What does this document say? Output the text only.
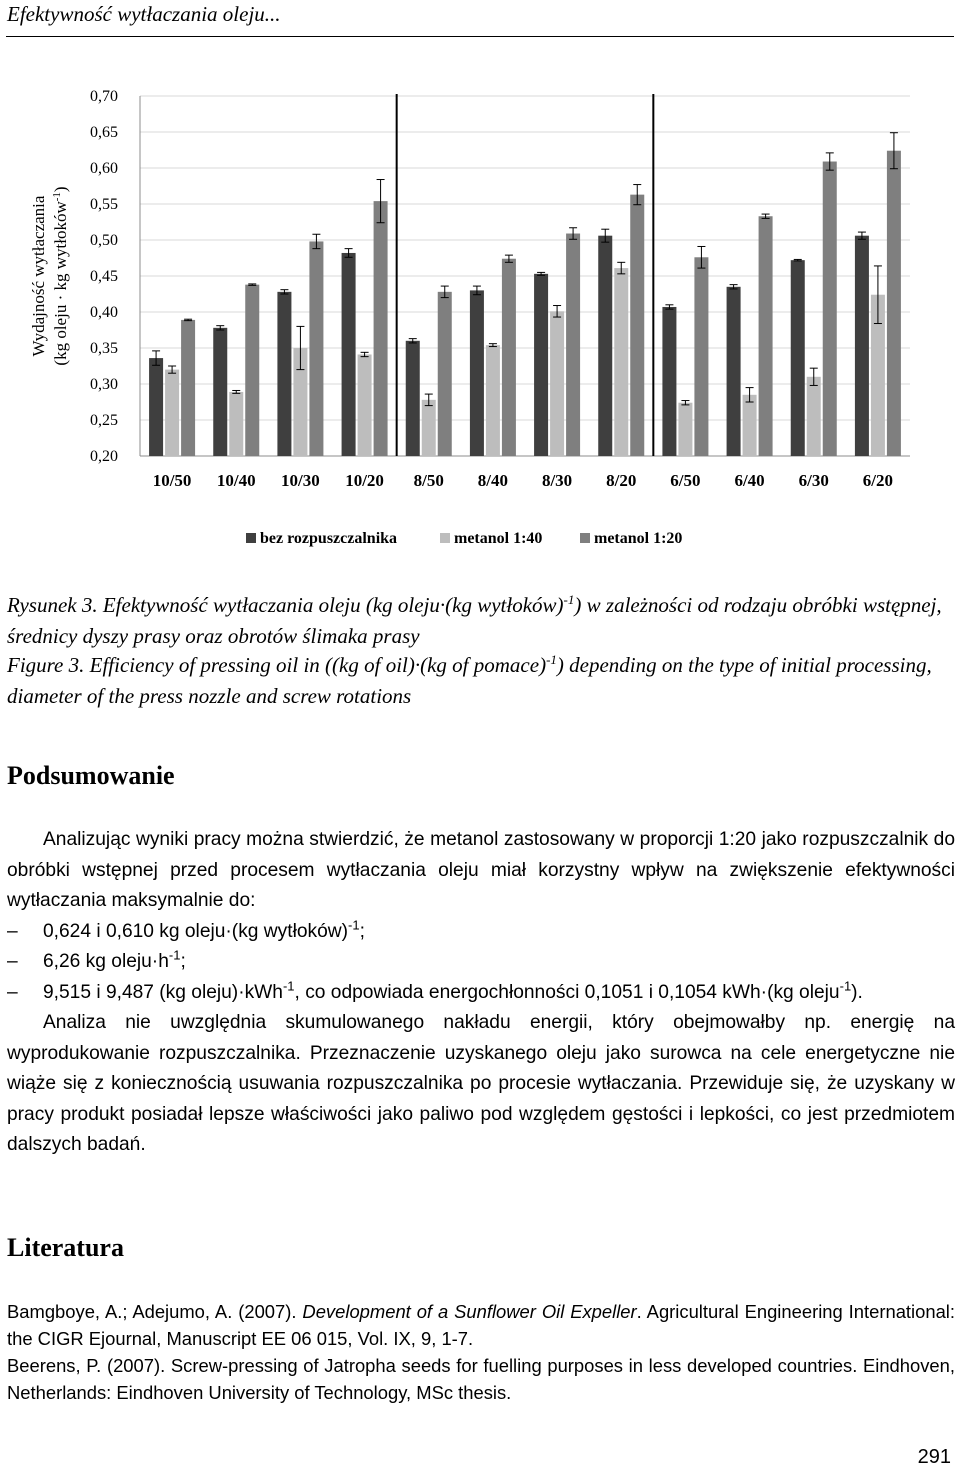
Efektywność wytłaczania oleju...
0,20
0,25
0,30
0,35
0,40
0,45
0,50
0,55
0,60
0,65
0,70
Wydajność wytłaczania (kg oleju · kg wytłoków$^{-1}$)
10/50 10/40 10/30 10/20 8/50 8/40 8/30 8/20 6/50 6/40 6/30 6/20
bez rozpuszczalnika	metanol 1:40	metanol 1:20
Rysunek 3. Efektywność wytłaczania oleju (kg oleju·(kg wytłoków)$^{-1}$) w zależności od rodzaju obróbki wstępnej, średnicy dyszy prasy oraz obrotów ślimaka prasy
Figure 3. Efficiency of pressing oil in ((kg of oil)·(kg of pomace)$^{-1}$) depending on the type of initial processing, diameter of the press nozzle and screw rotations
Podsumowanie

Analizując wyniki pracy można stwierdzić, że metanol zastosowany w proporcji 1:20 jako rozpuszczalnik do obróbki wstępnej przed procesem wytłaczania oleju miał korzystny wpływ na zwiększenie efektywności wytłaczania maksymalnie do:

– 0,624 i 0,610 kg oleju·(kg wytłoków)$^{-1}$;
– 6,26 kg $oleju\cdot h^{-1}$;
– 9,515 i 9,487 (kg oleju)·kWh$^{-1}$, co odpowiada energochłonności 0,1051 i 0,1054 kWh·(kg oleju$^{-1}$).

Analiza nie uwzględnia skumulowanego nakładu energii, który obejmowałby np. energię na wyprodukowanie rozpuszczalnika. Przeznaczenie uzyskanego oleju jako surowca na cele energetyczne nie wiąże się z koniecznością usuwania rozpuszczalnika po procesie wytłaczania. Przewiduje się, że uzyskany w pracy produkt posiadał lepsze właściwości jako paliwo pod względem gęstości i lepkości, co jest przedmiotem dalszych badań.

Literatura

Bamgboye, A.; Adejumo, A. (2007). Development of a Sunflower Oil Expeller. Agricultural Engineering International: the CIGR Ejournal, Manuscript EE 06 015, Vol. IX, 9, 1-7.

Beerens, P. (2007). Screw-pressing of Jatropha seeds for fuelling purposes in less developed countries. Eindhoven, Netherlands: Eindhoven University of Technology, MSc thesis.

291
